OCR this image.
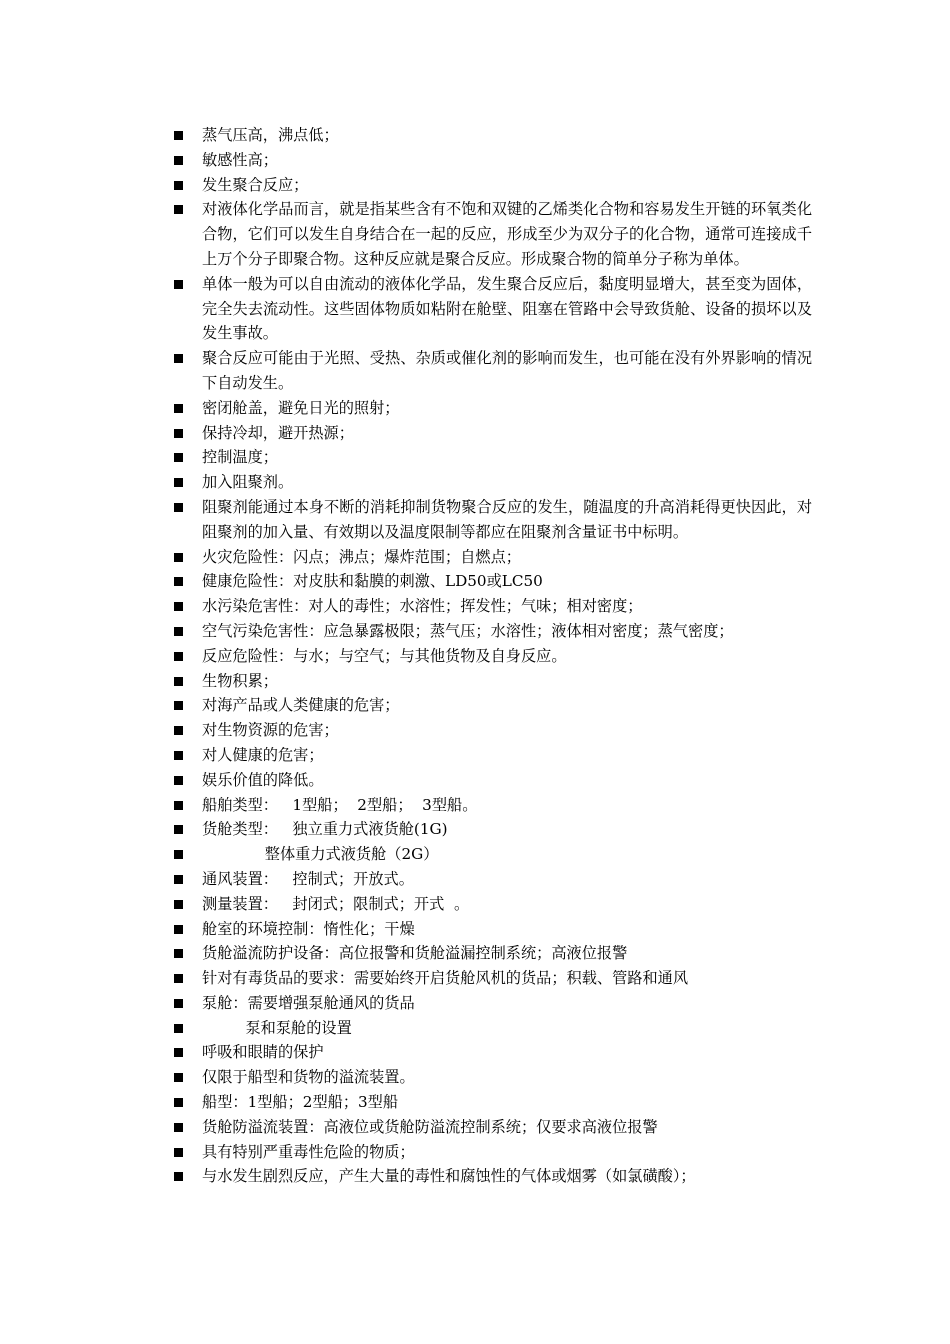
蒸气压高，沸点低；
敏感性高；
发生聚合反应；
对液体化学品而言，就是指某些含有不饱和双键的乙烯类化合物和容易发生开链的环氧类化合物，它们可以发生自身结合在一起的反应，形成至少为双分子的化合物，通常可连接成千上万个分子即聚合物。这种反应就是聚合反应。形成聚合物的简单分子称为单体。
单体一般为可以自由流动的液体化学品，发生聚合反应后，黏度明显增大，甚至变为固体，完全失去流动性。这些固体物质如粘附在舱壁、阻塞在管路中会导致货舱、设备的损坏以及发生事故。
聚合反应可能由于光照、受热、杂质或催化剂的影响而发生，也可能在没有外界影响的情况下自动发生。
密闭舱盖，避免日光的照射；
保持冷却，避开热源；
控制温度；
加入阻聚剂。
阻聚剂能通过本身不断的消耗抑制货物聚合反应的发生，随温度的升高消耗得更快因此，对阻聚剂的加入量、有效期以及温度限制等都应在阻聚剂含量证书中标明。
火灾危险性：闪点；沸点；爆炸范围；自燃点；
健康危险性：对皮肤和黏膜的刺激、LD50或LC50
水污染危害性：对人的毒性；水溶性；挥发性；气味；相对密度；
空气污染危害性：应急暴露极限；蒸气压；水溶性；液体相对密度；蒸气密度；
反应危险性：与水；与空气；与其他货物及自身反应。
生物积累；
对海产品或人类健康的危害；
对生物资源的危害；
对人健康的危害；
娱乐价值的降低。
船舶类型：   1型船；  2型船；  3型船。
货舱类型：   独立重力式液货舱(1G)
整体重力式液货舱（2G）
通风装置：   控制式；开放式。
测量装置：   封闭式；限制式；开式  。
舱室的环境控制：惰性化；干燥
货舱溢流防护设备：高位报警和货舱溢漏控制系统；高液位报警
针对有毒货品的要求：需要始终开启货舱风机的货品；积载、管路和通风
泵舱：需要增强泵舱通风的货品
泵和泵舱的设置
呼吸和眼睛的保护
仅限于船型和货物的溢流装置。
船型：1型船；2型船；3型船
货舱防溢流装置：高液位或货舱防溢流控制系统；仅要求高液位报警
具有特别严重毒性危险的物质；
与水发生剧烈反应，产生大量的毒性和腐蚀性的气体或烟雾（如氯磺酸）；
